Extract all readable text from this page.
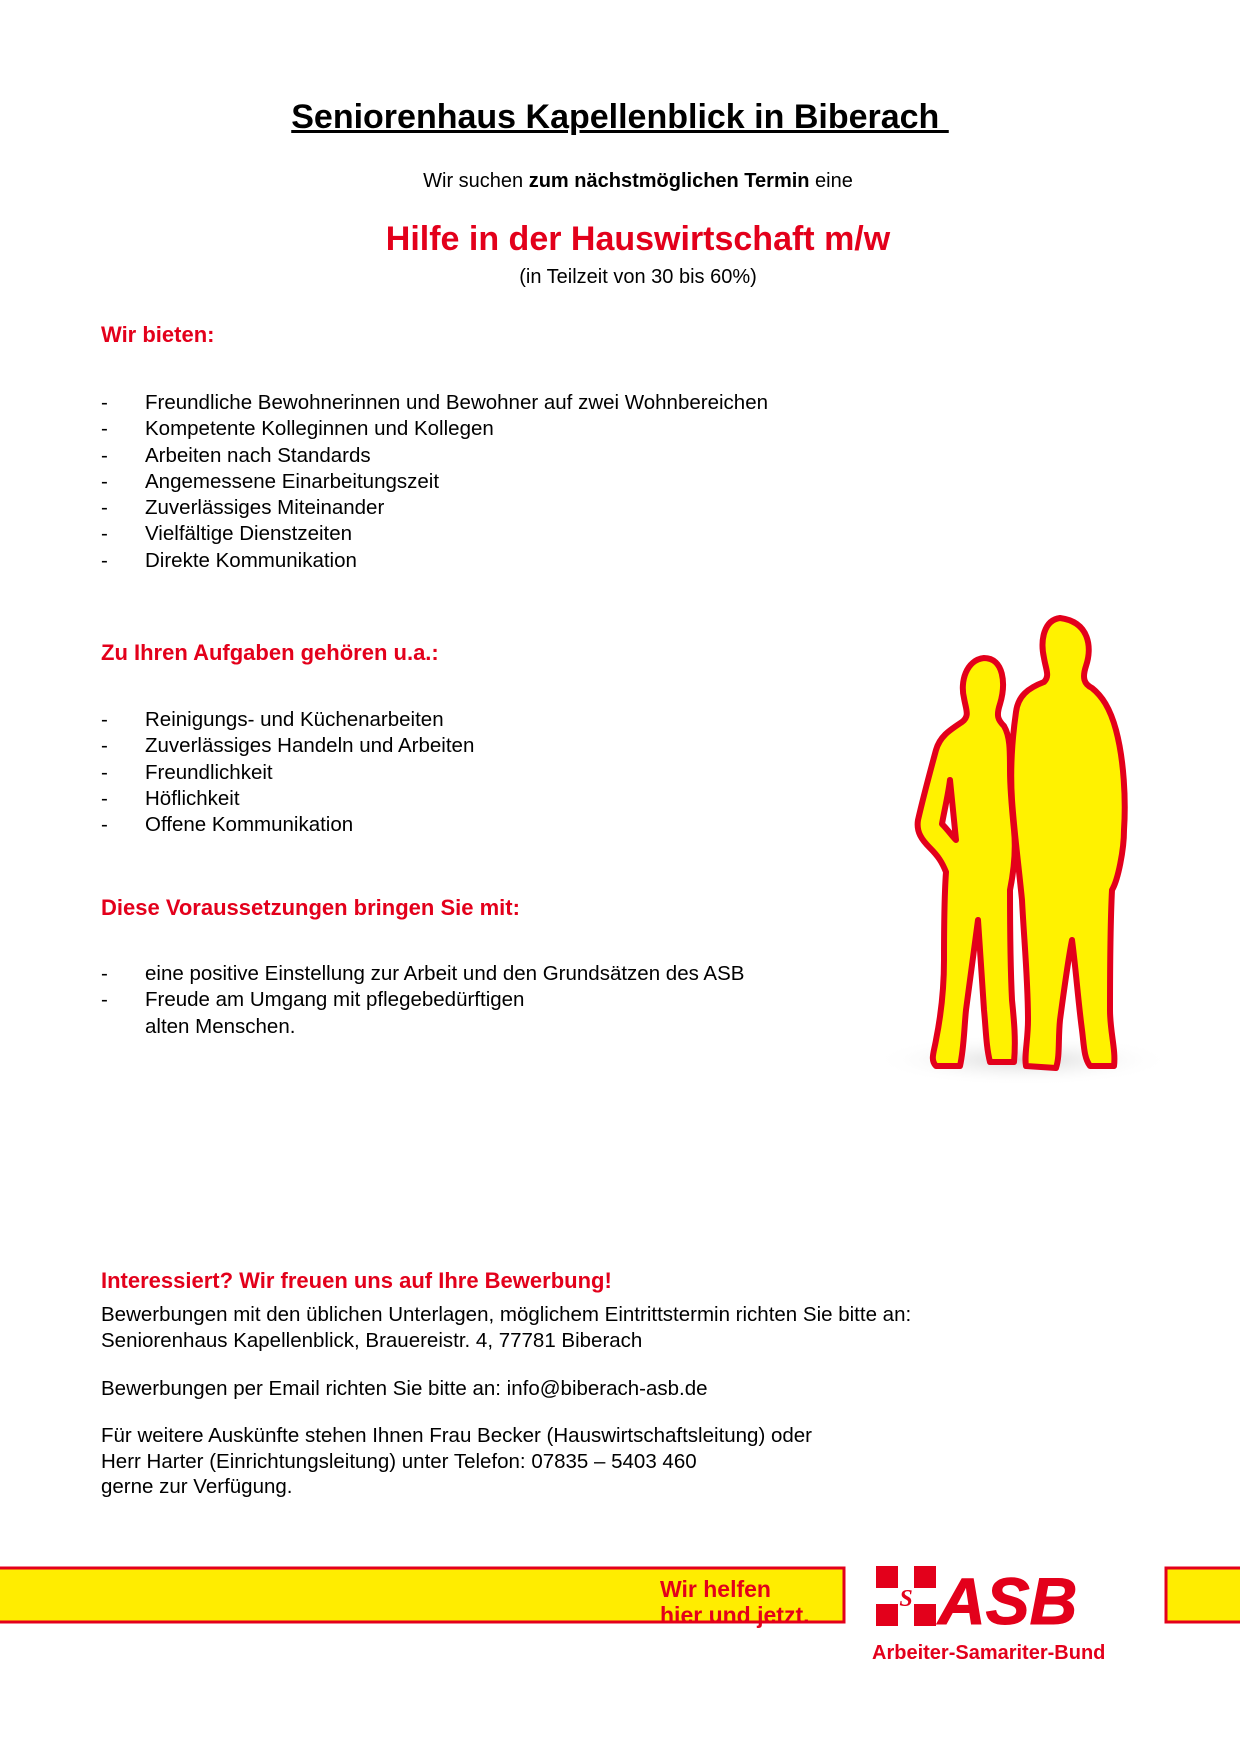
Seniorenhaus Kapellenblick in Biberach
Wir suchen zum nächstmöglichen Termin eine
Hilfe in der Hauswirtschaft m/w
(in Teilzeit von 30 bis 60%)
Wir bieten:
- Freundliche Bewohnerinnen und Bewohner auf zwei Wohnbereichen
- Kompetente Kolleginnen und Kollegen
- Arbeiten nach Standards
- Angemessene Einarbeitungszeit
- Zuverlässiges Miteinander
- Vielfältige Dienstzeiten
- Direkte Kommunikation
Zu Ihren Aufgaben gehören u.a.:
- Reinigungs- und Küchenarbeiten
- Zuverlässiges Handeln und Arbeiten
- Freundlichkeit
- Höflichkeit
- Offene Kommunikation
Diese Voraussetzungen bringen Sie mit:
- eine positive Einstellung zur Arbeit und den Grundsätzen des ASB
- Freude am Umgang mit pflegebedürftigen
alten Menschen.
Interessiert? Wir freuen uns auf Ihre Bewerbung!
Bewerbungen mit den üblichen Unterlagen, möglichem Eintrittstermin richten Sie bitte an:
Seniorenhaus Kapellenblick, Brauereistr. 4, 77781 Biberach
Bewerbungen per Email richten Sie bitte an: info@biberach-asb.de
Für weitere Auskünfte stehen Ihnen Frau Becker (Hauswirtschaftsleitung) oder
Herr Harter (Einrichtungsleitung) unter Telefon: 07835 – 5403 460
gerne zur Verfügung.
Wir helfen
hier und jetzt.
S ASB
Arbeiter-Samariter-Bund
